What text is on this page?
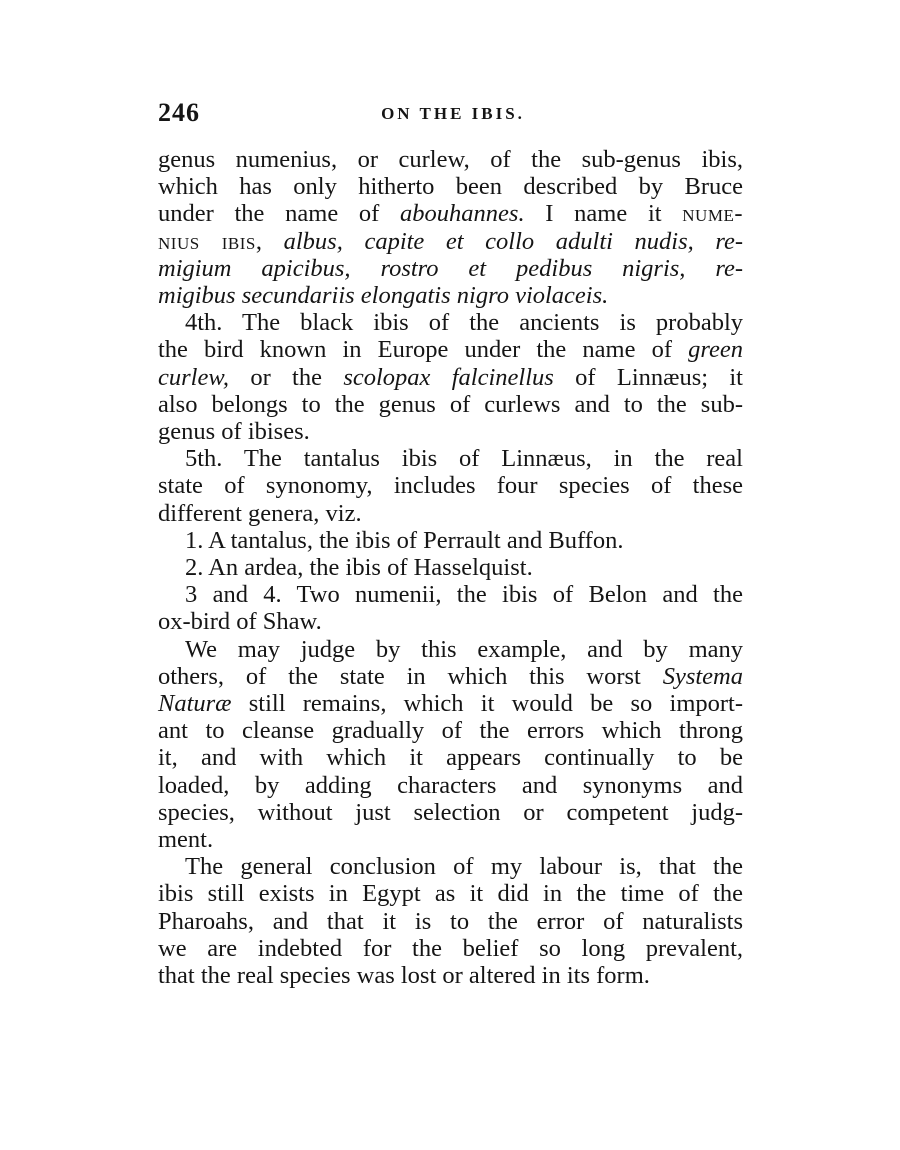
246	ON THE IBIS.
genus numenius, or curlew, of the sub-genus ibis,
which has only hitherto been described by Bruce
under the name of abouhannes. I name it nume-
nius ibis, albus, capite et collo adulti nudis, re-
migium apicibus, rostro et pedibus nigris, re-
migibus secundariis elongatis nigro violaceis.
4th. The black ibis of the ancients is probably
the bird known in Europe under the name of green
curlew, or the scolopax falcinellus of Linnæus; it
also belongs to the genus of curlews and to the sub-
genus of ibises.
5th. The tantalus ibis of Linnæus, in the real
state of synonomy, includes four species of these
different genera, viz.
1. A tantalus, the ibis of Perrault and Buffon.
2. An ardea, the ibis of Hasselquist.
3 and 4. Two numenii, the ibis of Belon and the
ox-bird of Shaw.
We may judge by this example, and by many
others, of the state in which this worst Systema
Naturæ still remains, which it would be so import-
ant to cleanse gradually of the errors which throng
it, and with which it appears continually to be
loaded, by adding characters and synonyms and
species, without just selection or competent judg-
ment.
The general conclusion of my labour is, that the
ibis still exists in Egypt as it did in the time of the
Pharoahs, and that it is to the error of naturalists
we are indebted for the belief so long prevalent,
that the real species was lost or altered in its form.
